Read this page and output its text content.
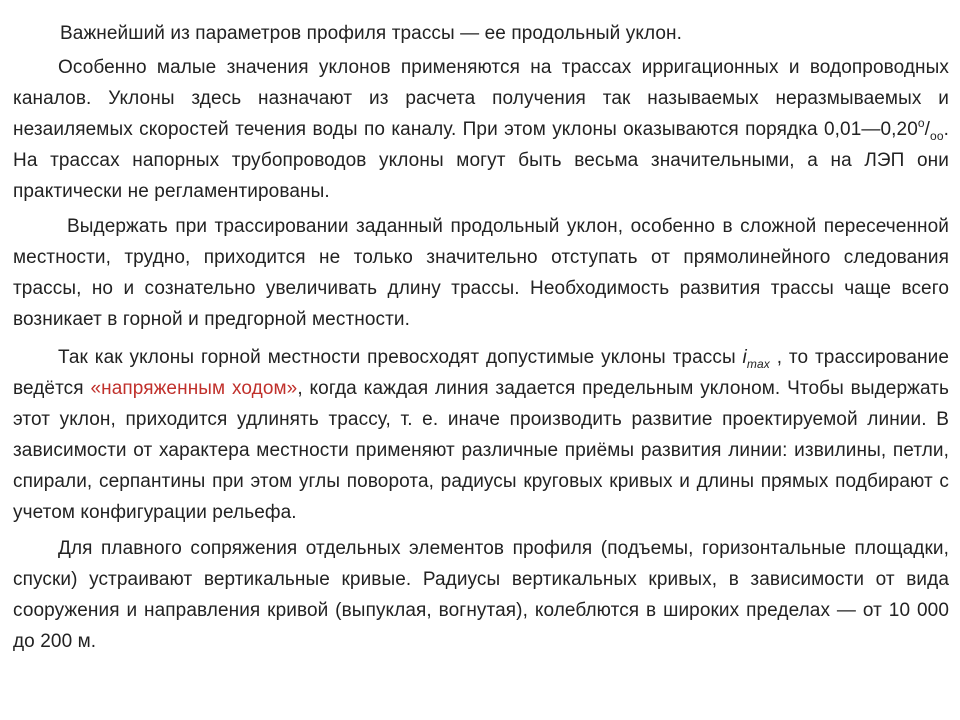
Важнейший из параметров профиля трассы — ее продольный уклон.

Особенно малые значения уклонов применяются на трассах ирригационных и водопроводных каналов. Уклоны здесь назначают из расчета получения так называемых неразмываемых и незаиляемых скоростей течения воды по каналу. При этом уклоны оказываются порядка $0,01—0,20^о/_{оо}$. На трассах напорных трубопроводов уклоны могут быть весьма значительными, а на ЛЭП они практически не регламентированы.

Выдержать при трассировании заданный продольный уклон, особенно в сложной пересеченной местности, трудно, приходится не только значительно отступать от прямолинейного следования трассы, но и сознательно увеличивать длину трассы. Необходимость развития трассы чаще всего возникает в горной и предгорной местности.

Так как уклоны горной местности превосходят допустимые уклоны трассы $i_{max}$ , то трассирование ведётся «напряженным ходом», когда каждая линия задается предельным уклоном. Чтобы выдержать этот уклон, приходится удлинять трассу, т. е. иначе производить развитие проектируемой линии. В зависимости от характера местности применяют различные приёмы развития линии: извилины, петли, спирали, серпантины при этом углы поворота, радиусы круговых кривых и длины прямых подбирают с учетом конфигурации рельефа.

Для плавного сопряжения отдельных элементов профиля (подъемы, горизонтальные площадки, спуски) устраивают вертикальные кривые. Радиусы вертикальных кривых, в зависимости от вида сооружения и направления кривой (выпуклая, вогнутая), колеблются в широких пределах — от 10 000 до 200 м.
